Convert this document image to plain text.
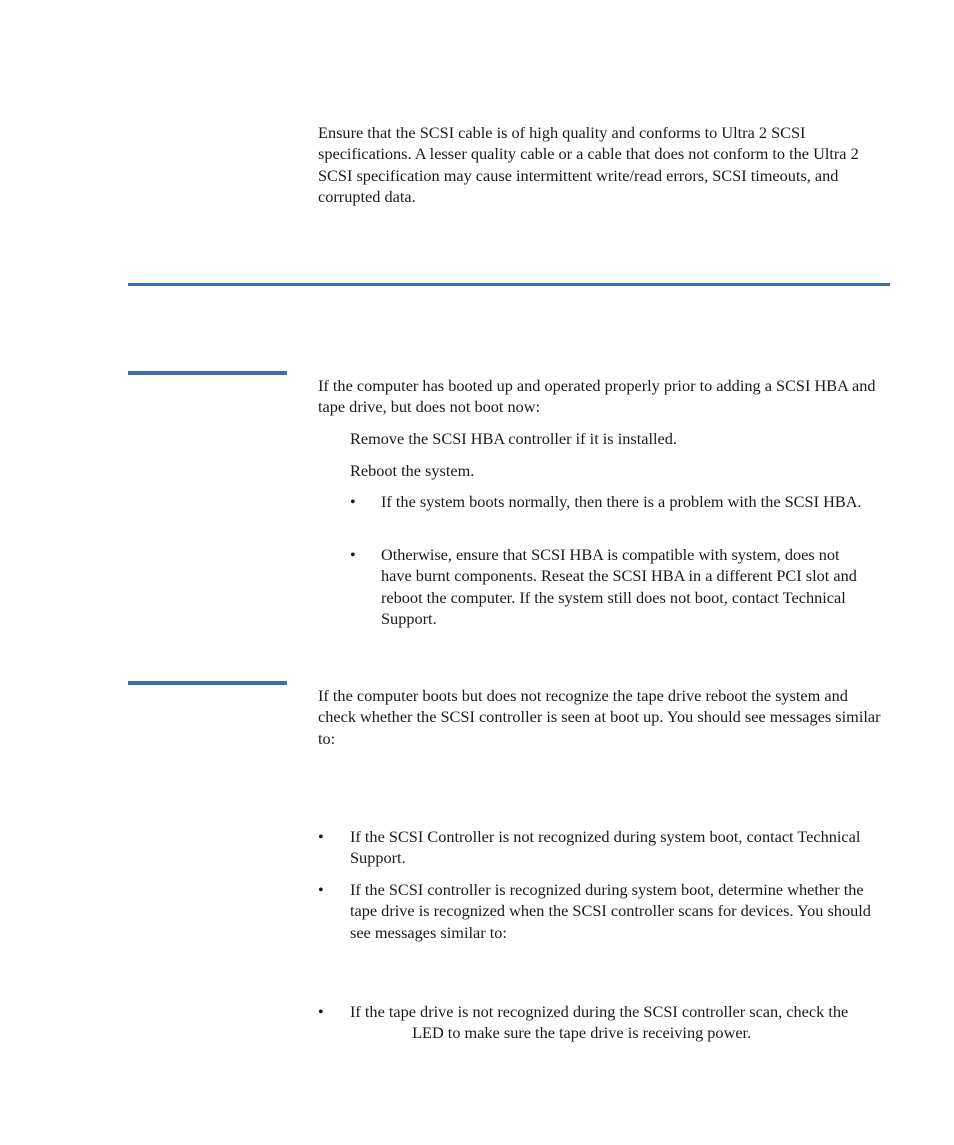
Ensure that the SCSI cable is of high quality and conforms to Ultra 2 SCSI specifications. A lesser quality cable or a cable that does not conform to the Ultra 2 SCSI specification may cause intermittent write/read errors, SCSI timeouts, and corrupted data.

If the computer has booted up and operated properly prior to adding a SCSI HBA and tape drive, but does not boot now:

Remove the SCSI HBA controller if it is installed.

Reboot the system.

• If the system boots normally, then there is a problem with the SCSI HBA.

• Otherwise, ensure that SCSI HBA is compatible with system, does not have burnt components. Reseat the SCSI HBA in a different PCI slot and reboot the computer. If the system still does not boot, contact Technical Support.

If the computer boots but does not recognize the tape drive reboot the system and check whether the SCSI controller is seen at boot up. You should see messages similar to:

• If the SCSI Controller is not recognized during system boot, contact Technical Support.

• If the SCSI controller is recognized during system boot, determine whether the tape drive is recognized when the SCSI controller scans for devices. You should see messages similar to:

• If the tape drive is not recognized during the SCSI controller scan, check the  LED to make sure the tape drive is receiving power.
